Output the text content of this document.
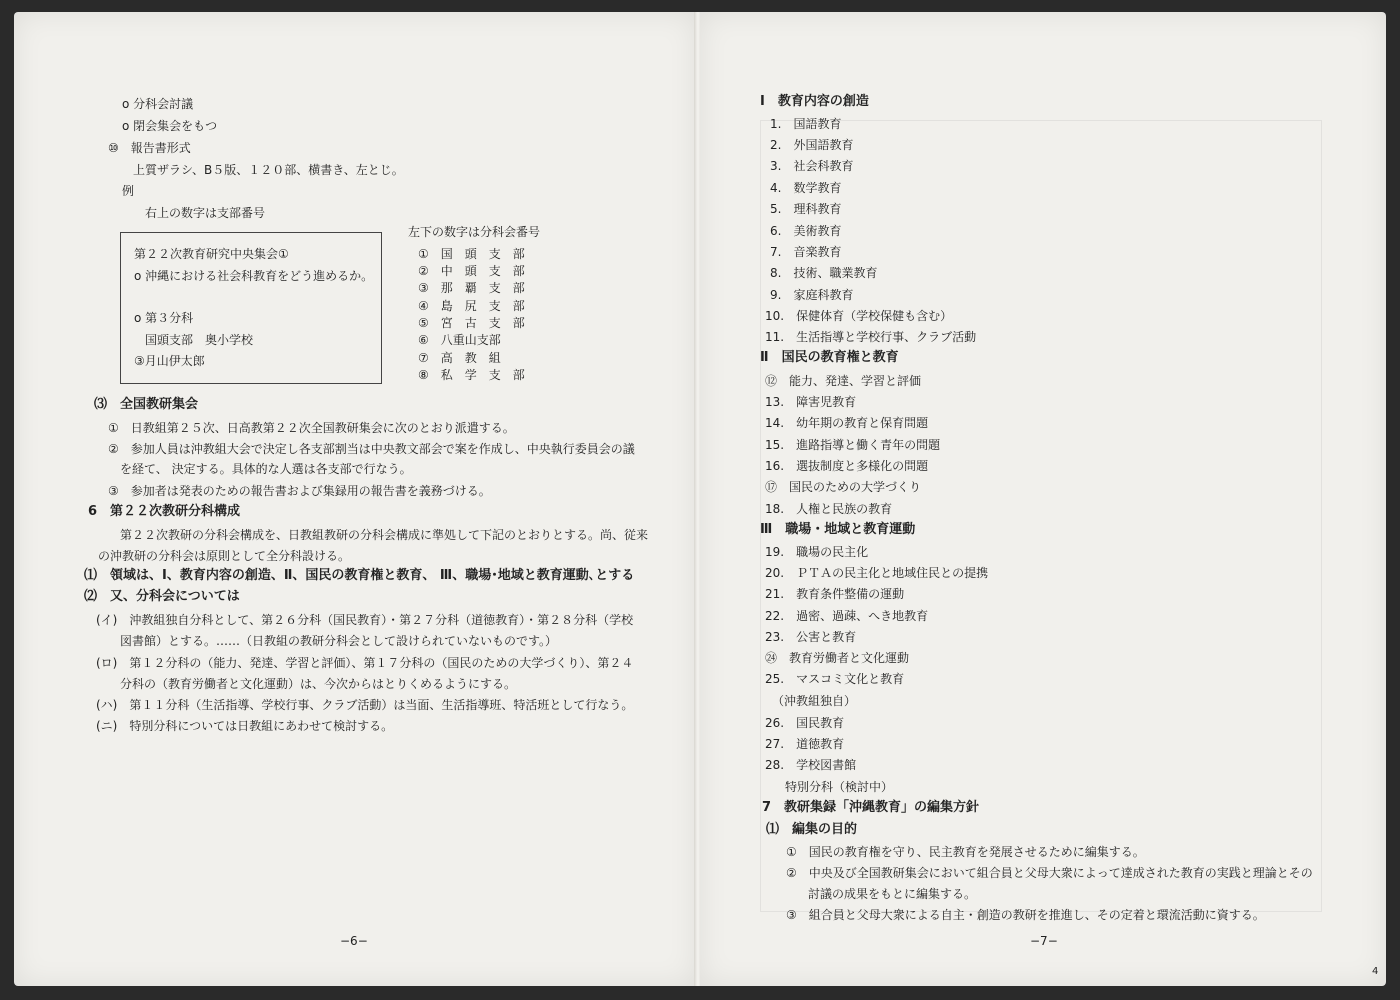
o 分科会討議
o 閉会集会をもつ
⑩　報告書形式
上質ザラシ、B５版、１２０部、横書き、左とじ。
例
右上の数字は支部番号
左下の数字は分科会番号
第２２次教育研究中央集会①
o 沖縄における社会科教育をどう進めるか。
o 第３分科
国頭支部　奥小学校
③月山伊太郎
①　国　頭　支　部
②　中　頭　支　部
③　那　覇　支　部
④　島　尻　支　部
⑤　宮　古　支　部
⑥　八重山支部
⑦　高　教　組
⑧　私　学　支　部
⑶　全国教研集会
①　日教組第２５次、日高教第２２次全国教研集会に次のとおり派遣する。
②　参加人員は沖教組大会で決定し各支部割当は中央教文部会で案を作成し、中央執行委員会の議
を経て、 決定する。具体的な人選は各支部で行なう。
③　参加者は発表のための報告書および集録用の報告書を義務づける。
6　第２２次教研分科構成
第２２次教研の分科会構成を、日教組教研の分科会構成に準処して下記のとおりとする。尚、従来
の沖教研の分科会は原則として全分科設ける。
⑴　領域は、Ⅰ、教育内容の創造、Ⅱ、国民の教育権と教育、 Ⅲ、職場･地域と教育運動､とする
⑵　又、分科会については
(イ)　沖教組独自分科として、第２６分科（国民教育）・第２７分科（道徳教育）・第２８分科（学校
図書館）とする。……（日教組の教研分科会として設けられていないものです。）
(ロ)　第１２分科の（能力、発達、学習と評価）、第１７分科の（国民のための大学づくり）、第２４
分科の（教育労働者と文化運動）は、今次からはとりくめるようにする。
(ハ)　第１１分科（生活指導、学校行事、クラブ活動）は当面、生活指導班、特活班として行なう。
(ニ)　特別分科については日教組にあわせて検討する。
−6−
Ⅰ　教育内容の創造
1.　国語教育
2.　外国語教育
3.　社会科教育
4.　数学教育
5.　理科教育
6.　美術教育
7.　音楽教育
8.　技術、職業教育
9.　家庭科教育
10.　保健体育（学校保健も含む）
11.　生活指導と学校行事、クラブ活動
Ⅱ　国民の教育権と教育
⑫　能力、発達、学習と評価
13.　障害児教育
14.　幼年期の教育と保育問題
15.　進路指導と働く青年の問題
16.　選抜制度と多様化の問題
⑰　国民のための大学づくり
18.　人権と民族の教育
Ⅲ　職場・地域と教育運動
19.　職場の民主化
20.　ＰＴＡの民主化と地域住民との提携
21.　教育条件整備の運動
22.　過密、過疎、へき地教育
23.　公害と教育
㉔　教育労働者と文化運動
25.　マスコミ文化と教育
（沖教組独自）
26.　国民教育
27.　道徳教育
28.　学校図書館
特別分科（検討中）
7　教研集録「沖縄教育」の編集方針
⑴　編集の目的
①　国民の教育権を守り、民主教育を発展させるために編集する。
②　中央及び全国教研集会において組合員と父母大衆によって達成された教育の実践と理論とその
討議の成果をもとに編集する。
③　組合員と父母大衆による自主・創造の教研を推進し、その定着と環流活動に資する。
−7−
4
